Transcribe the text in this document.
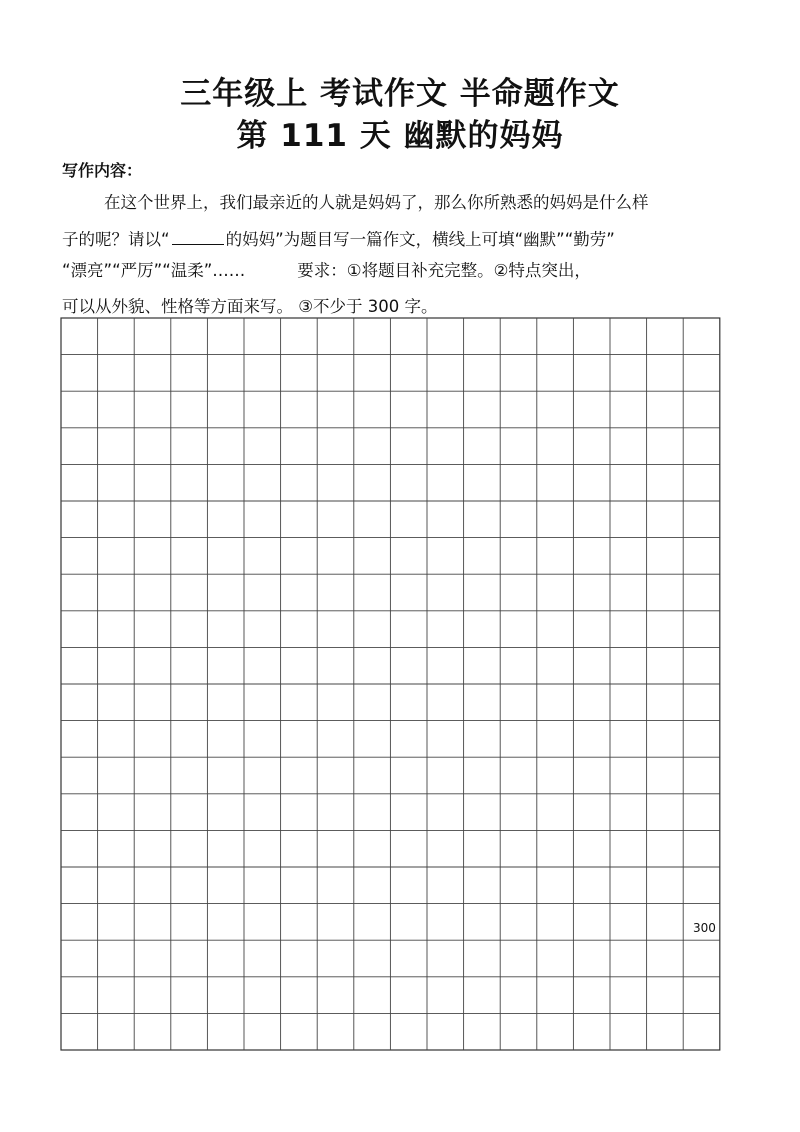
三年级上 考试作文 半命题作文
第 111 天 幽默的妈妈
写作内容：
在这个世界上，我们最亲近的人就是妈妈了，那么你所熟悉的妈妈是什么样
子的呢？请以“	的妈妈”为题目写一篇作文，横线上可填“幽默”“勤劳”
“漂亮”“严厉”“温柔”……	要求：①将题目补充完整。②特点突出，
可以从外貌、性格等方面来写。 ③不少于 300 字。
300
